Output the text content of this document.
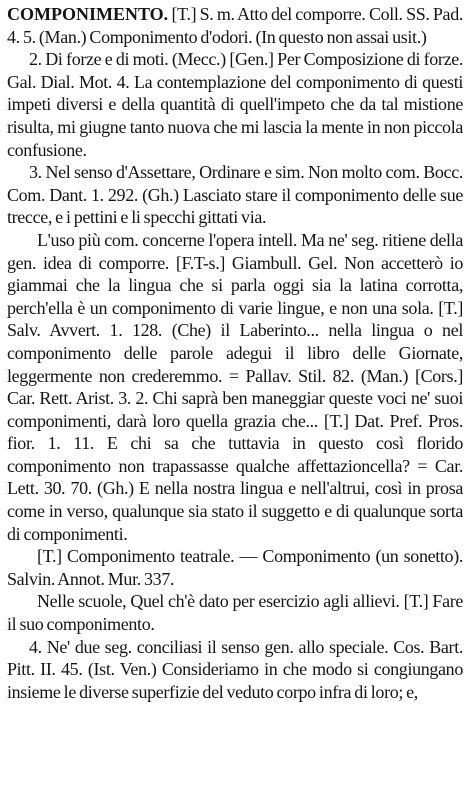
COMPONIMENTO. [T.] S. m. Atto del comporre. Coll. SS. Pad. 4. 5. (Man.) Componimento d'odori. (In questo non assai usit.)

2. Di forze e di moti. (Mecc.) [Gen.] Per Composizione di forze. Gal. Dial. Mot. 4. La contemplazione del componimento di questi impeti diversi e della quantità di quell'impeto che da tal mistione risulta, mi giugne tanto nuova che mi lascia la mente in non piccola confusione.

3. Nel senso d'Assettare, Ordinare e sim. Non molto com. Bocc. Com. Dant. 1. 292. (Gh.) Lasciato stare il componimento delle sue trecce, e i pettini e li specchi gittati via.

L'uso più com. concerne l'opera intell. Ma ne' seg. ritiene della gen. idea di comporre. [F.T-s.] Giambull. Gel. Non accetterò io giammai che la lingua che si parla oggi sia la latina corrotta, perch'ella è un componimento di varie lingue, e non una sola. [T.] Salv. Avvert. 1. 128. (Che) il Laberinto... nella lingua o nel componimento delle parole adegui il libro delle Giornate, leggermente non crederemmo. = Pallav. Stil. 82. (Man.) [Cors.] Car. Rett. Arist. 3. 2. Chi saprà ben maneggiar queste voci ne' suoi componimenti, darà loro quella grazia che... [T.] Dat. Pref. Pros. fior. 1. 11. E chi sa che tuttavia in questo così florido componimento non trapassasse qualche affettazioncella? = Car. Lett. 30. 70. (Gh.) E nella nostra lingua e nell'altrui, così in prosa come in verso, qualunque sia stato il suggetto e di qualunque sorta di componimenti.

[T.] Componimento teatrale. — Componimento (un sonetto). Salvin. Annot. Mur. 337.

Nelle scuole, Quel ch'è dato per esercizio agli allievi. [T.] Fare il suo componimento.

4. Ne' due seg. conciliasi il senso gen. allo speciale. Cos. Bart. Pitt. II. 45. (Ist. Ven.) Consideriamo in che modo si congiungano insieme le diverse superfizie del veduto corpo infra di loro; e,
